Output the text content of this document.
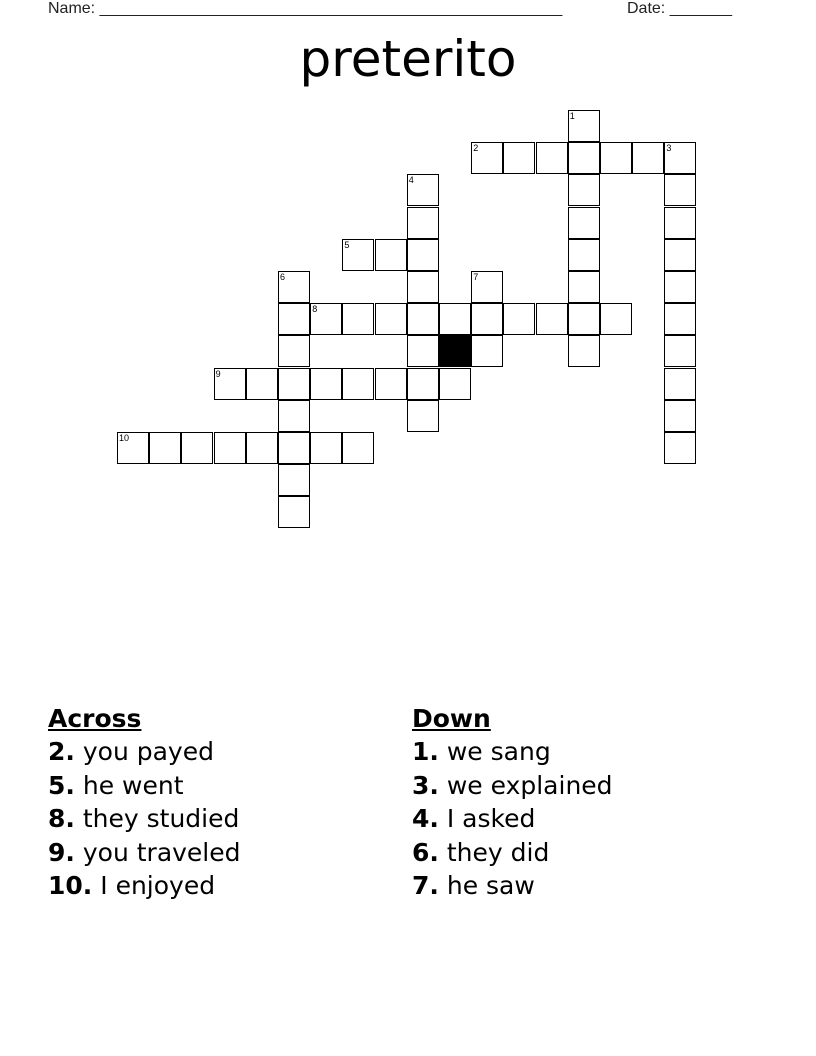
Name: ____________________________________________________	Date: _______
preterito
1
2	3
4
5
6	7
8
9
10
Across
2. you payed
5. he went
8. they studied
9. you traveled
10. I enjoyed
Down
1. we sang
3. we explained
4. I asked
6. they did
7. he saw
